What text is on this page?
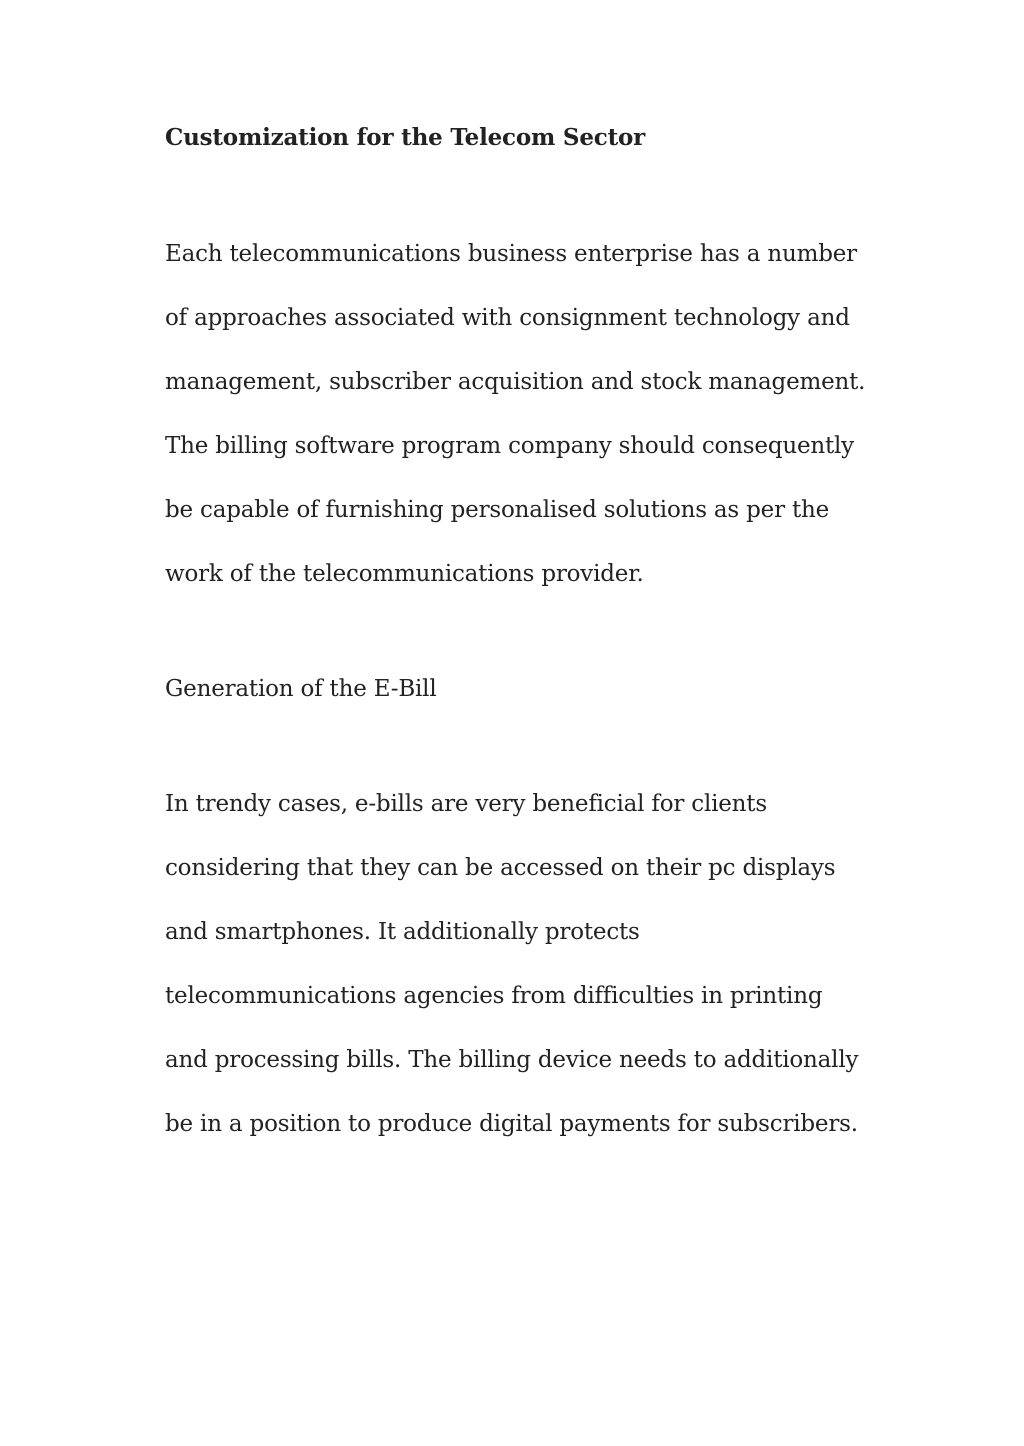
Customization for the Telecom Sector

Each telecommunications business enterprise has a number

of approaches associated with consignment technology and

management, subscriber acquisition and stock management.

The billing software program company should consequently

be capable of furnishing personalised solutions as per the

work of the telecommunications provider.

Generation of the E-Bill

In trendy cases, e-bills are very beneficial for clients

considering that they can be accessed on their pc displays

and smartphones. It additionally protects

telecommunications agencies from difficulties in printing

and processing bills. The billing device needs to additionally

be in a position to produce digital payments for subscribers.
